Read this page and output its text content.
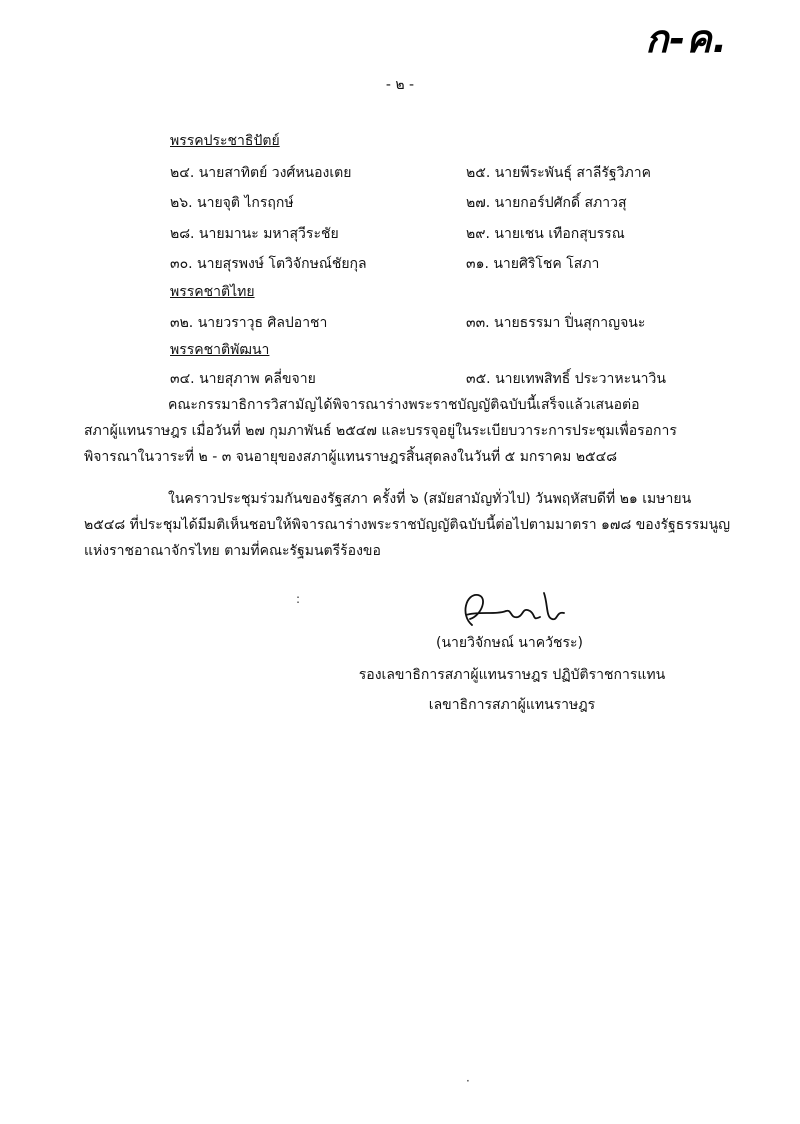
ก-ค.
- ๒ -
พรรคประชาธิปัตย์
๒๔. นายสาทิตย์ วงศ์หนองเตย	๒๕. นายพีระพันธุ์ สาลีรัฐวิภาค
๒๖. นายจุติ ไกรฤกษ์	๒๗. นายกอร์ปศักดิ์ สภาวสุ
๒๘. นายมานะ มหาสุวีระชัย	๒๙. นายเชน เทือกสุบรรณ
๓๐. นายสุรพงษ์ โตวิจักษณ์ชัยกุล	๓๑. นายศิริโชค โสภา
พรรคชาติไทย
๓๒. นายวราวุธ ศิลปอาชา	๓๓. นายธรรมา ปิ่นสุกาญจนะ
พรรคชาติพัฒนา
๓๔. นายสุภาพ คลี่ขจาย	๓๕. นายเทพสิทธิ์ ประวาหะนาวิน
คณะกรรมาธิการวิสามัญได้พิจารณาร่างพระราชบัญญัติฉบับนี้เสร็จแล้วเสนอต่อ
สภาผู้แทนราษฎร เมื่อวันที่ ๒๗ กุมภาพันธ์ ๒๕๔๗ และบรรจุอยู่ในระเบียบวาระการประชุมเพื่อรอการ
พิจารณาในวาระที่ ๒ - ๓ จนอายุของสภาผู้แทนราษฎรสิ้นสุดลงในวันที่ ๕ มกราคม ๒๕๔๘
ในคราวประชุมร่วมกันของรัฐสภา ครั้งที่ ๖ (สมัยสามัญทั่วไป) วันพฤหัสบดีที่ ๒๑ เมษายน
๒๕๔๘ ที่ประชุมได้มีมติเห็นชอบให้พิจารณาร่างพระราชบัญญัติฉบับนี้ต่อไปตามมาตรา ๑๗๘ ของรัฐธรรมนูญ
แห่งราชอาณาจักรไทย ตามที่คณะรัฐมนตรีร้องขอ
:
(นายวิจักษณ์ นาควัชระ)
รองเลขาธิการสภาผู้แทนราษฎร ปฏิบัติราชการแทน
เลขาธิการสภาผู้แทนราษฎร
·
